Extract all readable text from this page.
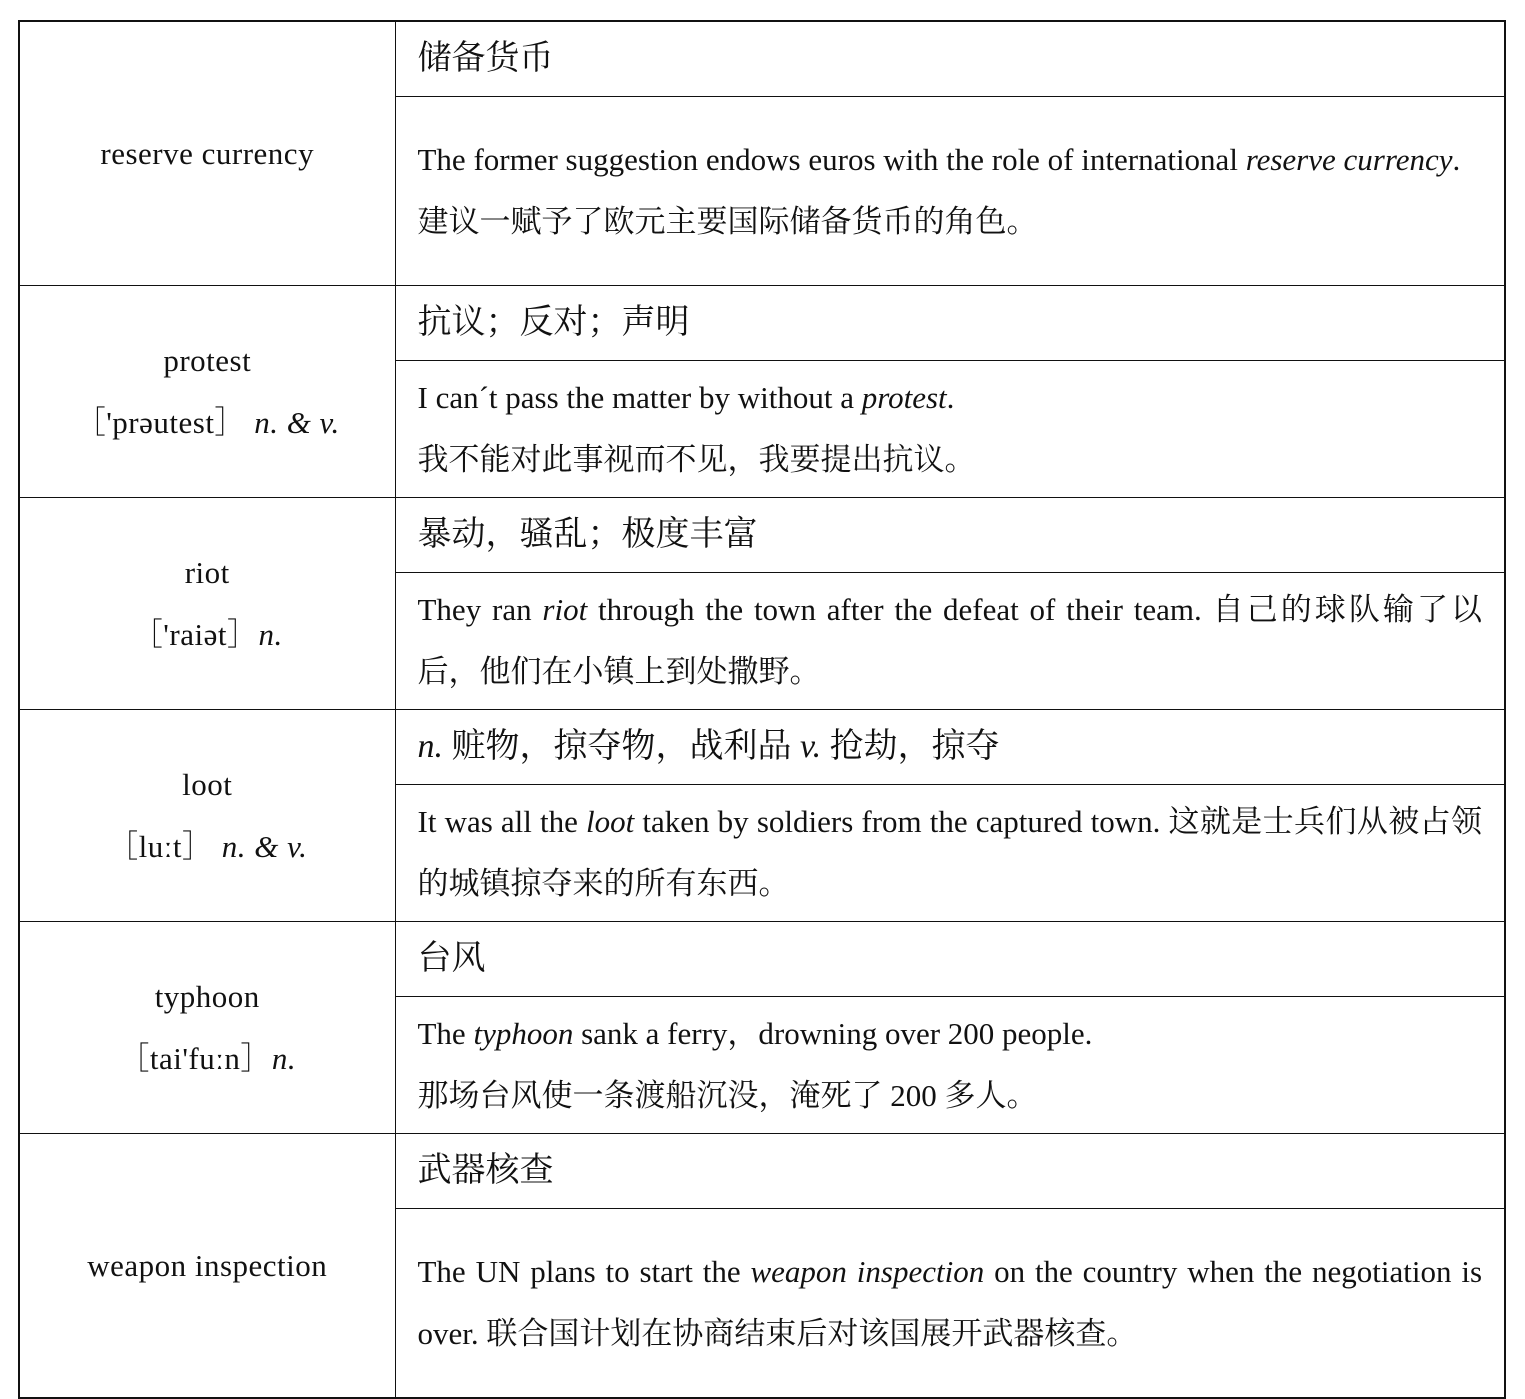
reserve currency	储备货币

	The former suggestion endows euros with the role of international reserve currency.
建议一赋予了欧元主要国际储备货币的角色。

protest
［'prəutest］ n. & v.	抗议；反对；声明

	I can´t pass the matter by without a protest.
我不能对此事视而不见，我要提出抗议。

riot
［'raiət］n.	暴动，骚乱；极度丰富
	They ran riot through the town after the defeat of their team. 自己的球队输了以后，他们在小镇上到处撒野。

loot
［luːt］ n. & v.	n. 赃物，掠夺物，战利品 v. 抢劫，掠夺
	It was all the loot taken by soldiers from the captured town. 这就是士兵们从被占领的城镇掠夺来的所有东西。

typhoon
［tai'fuːn］n.	台风

	The typhoon sank a ferry，drowning over 200 people.
那场台风使一条渡船沉没，淹死了 200 多人。

weapon inspection	武器核查
	The UN plans to start the weapon inspection on the country when the negotiation is over. 联合国计划在协商结束后对该国展开武器核查。
